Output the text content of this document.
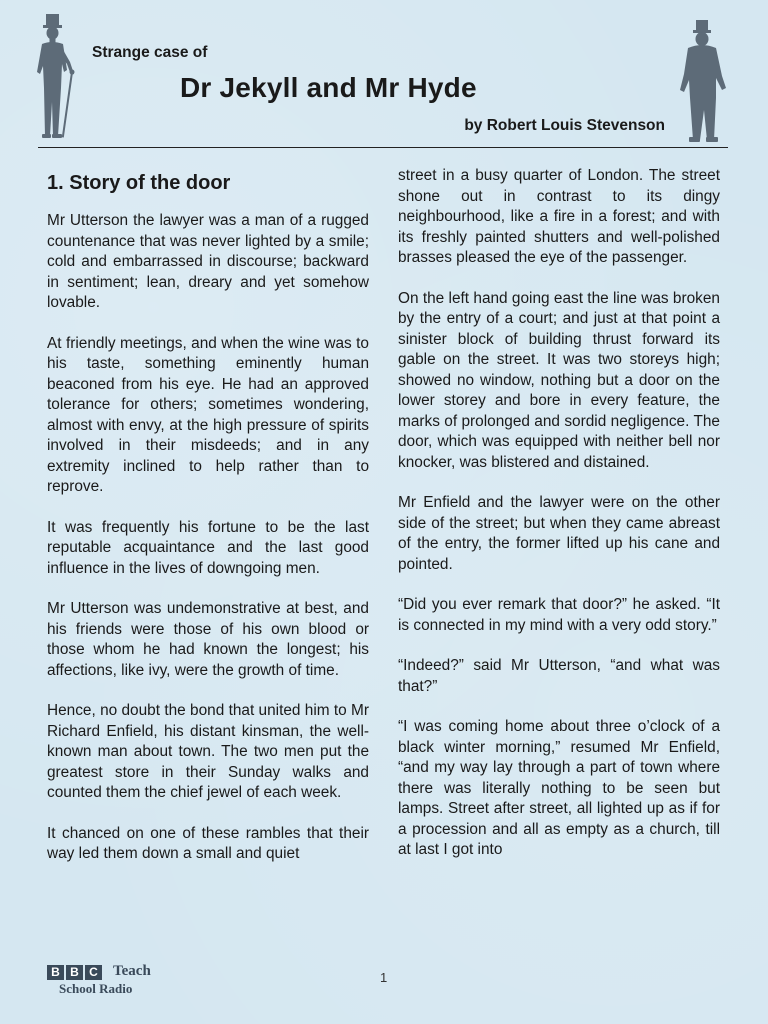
Strange case of
Dr Jekyll and Mr Hyde
by Robert Louis Stevenson
1. Story of the door

Mr Utterson the lawyer was a man of a rugged countenance that was never lighted by a smile; cold and embarrassed in discourse; backward in sentiment; lean, dreary and yet somehow lovable.

At friendly meetings, and when the wine was to his taste, something eminently human beaconed from his eye. He had an approved tolerance for others; sometimes wondering, almost with envy, at the high pressure of spirits involved in their misdeeds; and in any extremity inclined to help rather than to reprove.

It was frequently his fortune to be the last reputable acquaintance and the last good influence in the lives of downgoing men.

Mr Utterson was undemonstrative at best, and his friends were those of his own blood or those whom he had known the longest; his affections, like ivy, were the growth of time.

Hence, no doubt the bond that united him to Mr Richard Enfield, his distant kinsman, the well-known man about town. The two men put the greatest store in their Sunday walks and counted them the chief jewel of each week.

It chanced on one of these rambles that their way led them down a small and quiet

street in a busy quarter of London. The street shone out in contrast to its dingy neighbourhood, like a fire in a forest; and with its freshly painted shutters and well-polished brasses pleased the eye of the passenger.

On the left hand going east the line was broken by the entry of a court; and just at that point a sinister block of building thrust forward its gable on the street. It was two storeys high; showed no window, nothing but a door on the lower storey and bore in every feature, the marks of prolonged and sordid negligence. The door, which was equipped with neither bell nor knocker, was blistered and distained.

Mr Enfield and the lawyer were on the other side of the street; but when they came abreast of the entry, the former lifted up his cane and pointed.

“Did you ever remark that door?” he asked. “It is connected in my mind with a very odd story.”

“Indeed?” said Mr Utterson, “and what was that?”

“I was coming home about three o’clock of a black winter morning,” resumed Mr Enfield, “and my way lay through a part of town where there was literally nothing to be seen but lamps. Street after street, all lighted up as if for a procession and all as empty as a church, till at last I got into

B B C Teach
School Radio
1
